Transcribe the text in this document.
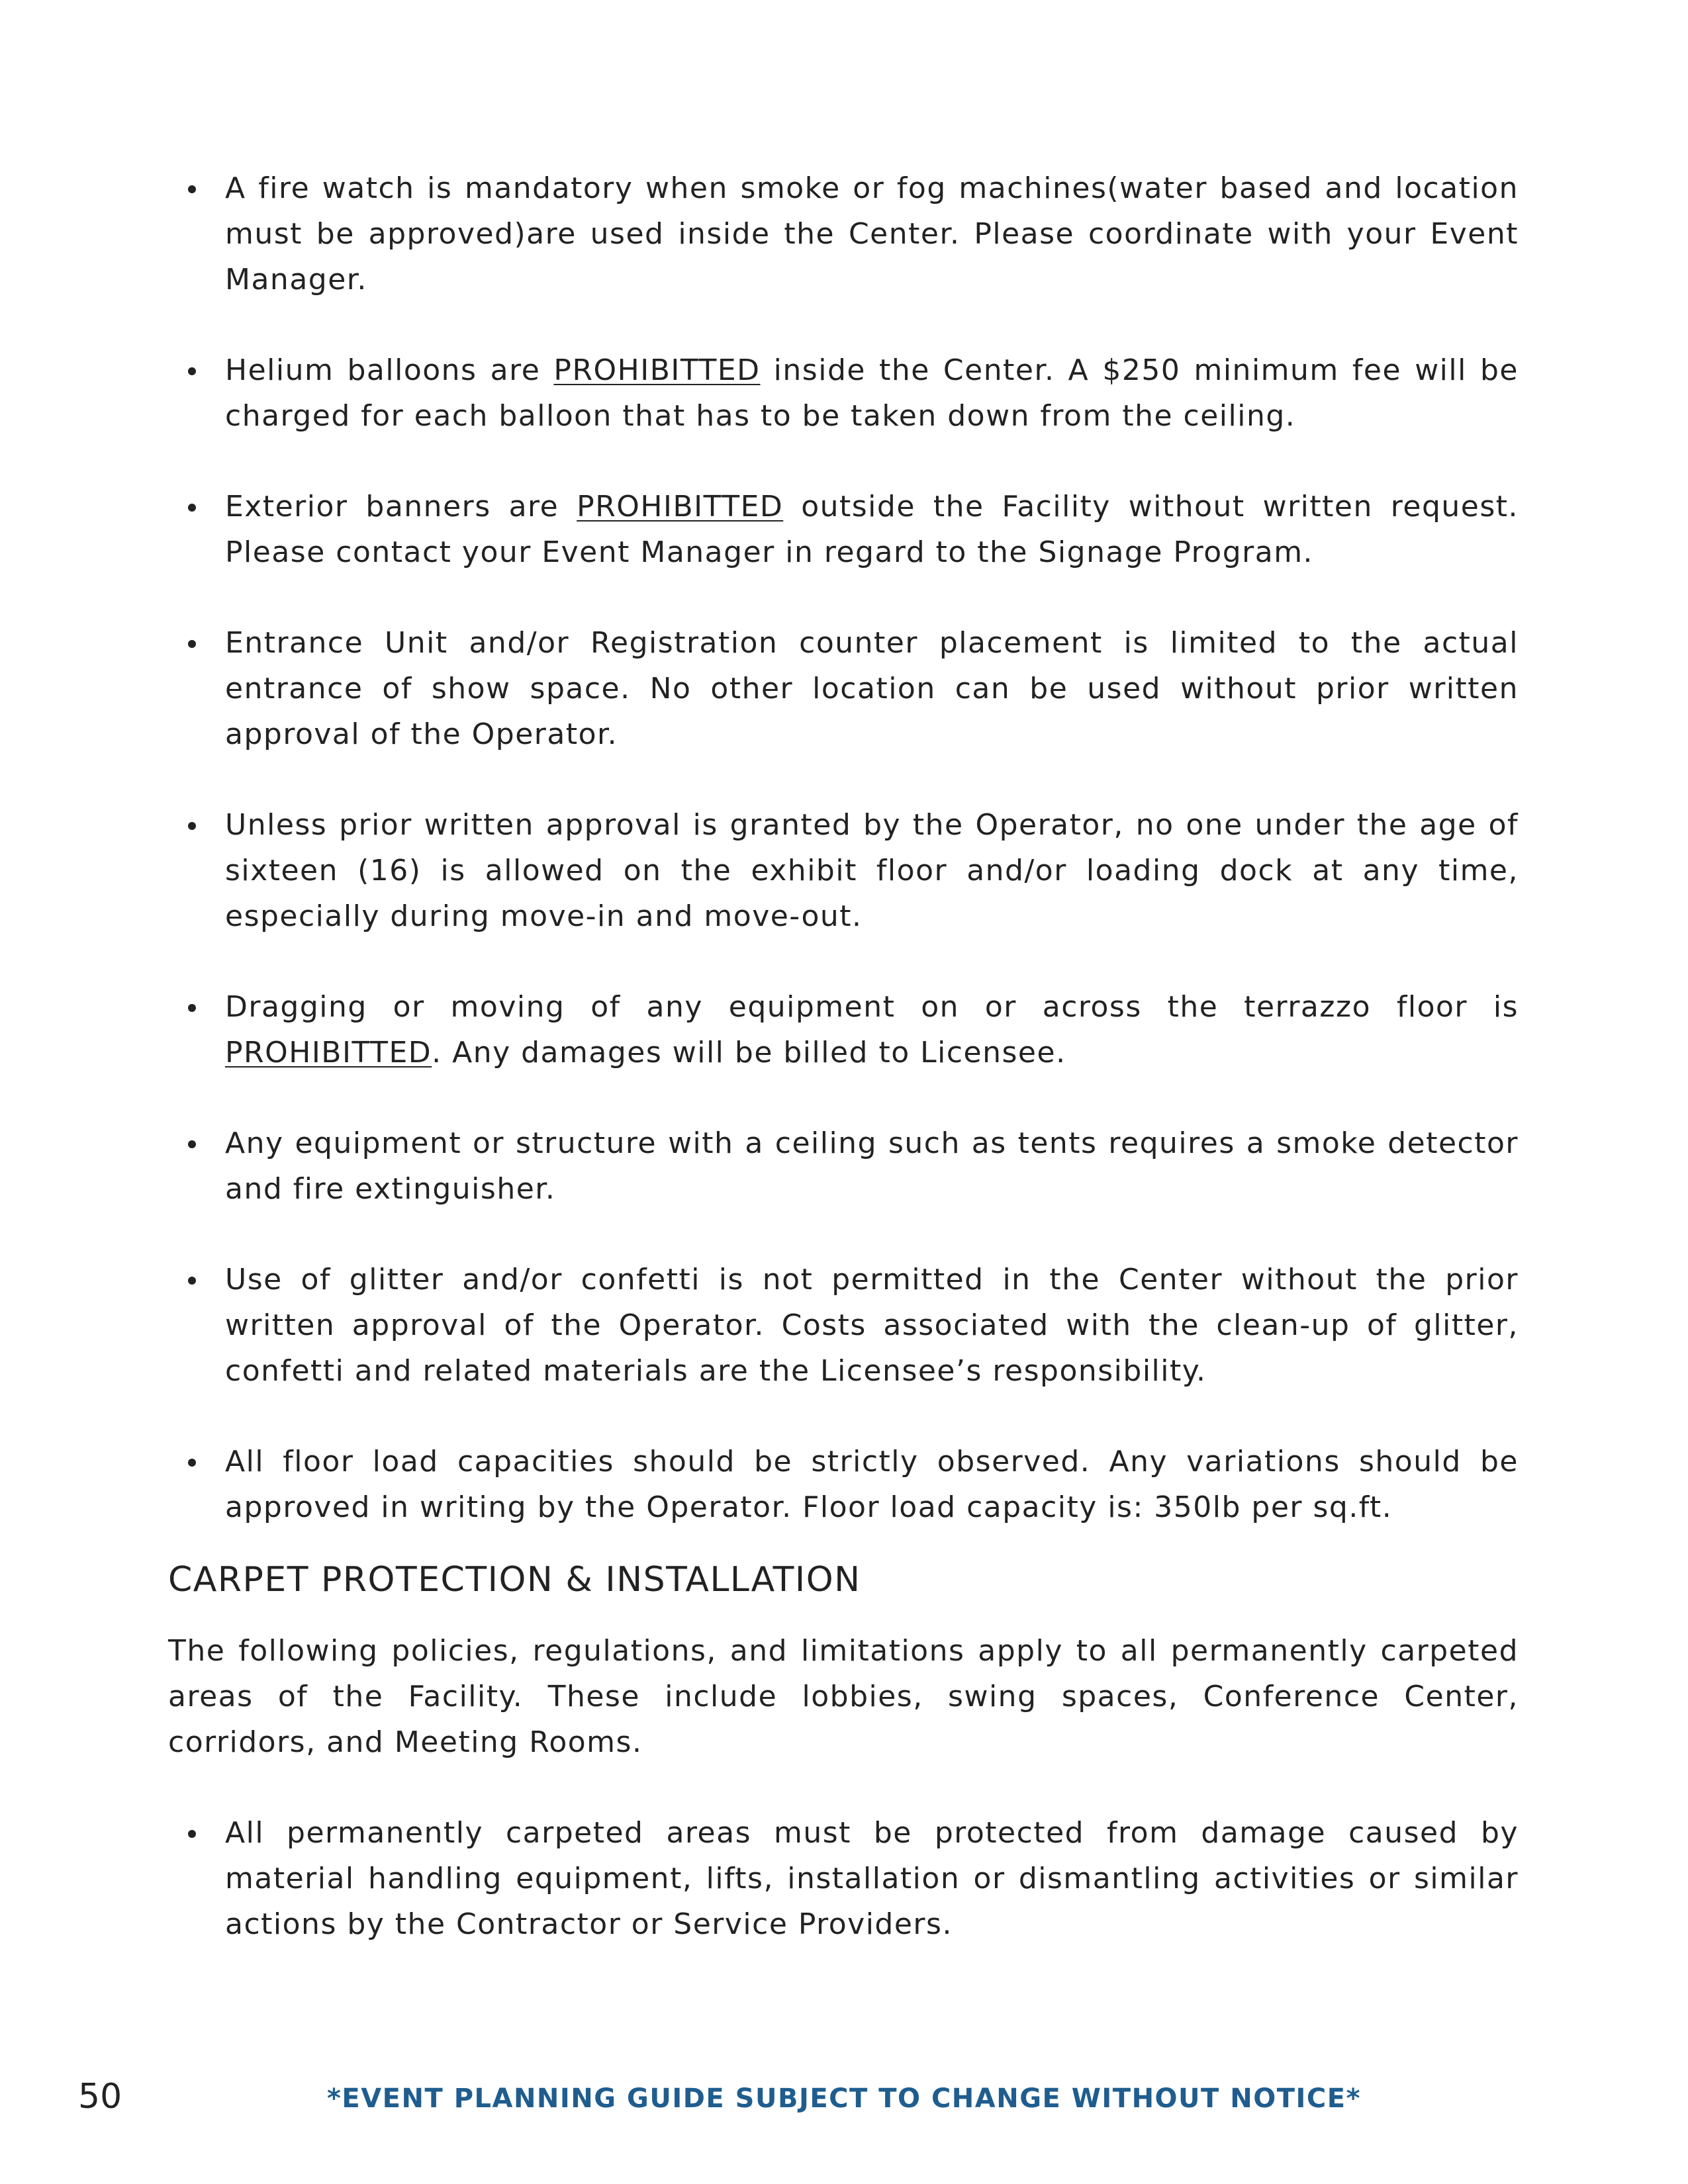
A fire watch is mandatory when smoke or fog machines(water based and location must be approved)are used inside the Center. Please coordinate with your Event Manager.
Helium balloons are PROHIBITTED inside the Center. A $250 minimum fee will be charged for each balloon that has to be taken down from the ceiling.
Exterior banners are PROHIBITTED outside the Facility without written request. Please contact your Event Manager in regard to the Signage Program.
Entrance Unit and/or Registration counter placement is limited to the actual entrance of show space. No other location can be used without prior written approval of the Operator.
Unless prior written approval is granted by the Operator, no one under the age of sixteen (16) is allowed on the exhibit floor and/or loading dock at any time, especially during move-in and move-out.
Dragging or moving of any equipment on or across the terrazzo floor is PROHIBITTED. Any damages will be billed to Licensee.
Any equipment or structure with a ceiling such as tents requires a smoke detector and fire extinguisher.
Use of glitter and/or confetti is not permitted in the Center without the prior written approval of the Operator. Costs associated with the clean-up of glitter, confetti and related materials are the Licensee’s responsibility.
All floor load capacities should be strictly observed. Any variations should be approved in writing by the Operator. Floor load capacity is: 350lb per sq.ft.
CARPET PROTECTION & INSTALLATION

The following policies, regulations, and limitations apply to all permanently carpeted areas of the Facility. These include lobbies, swing spaces, Conference Center, corridors, and Meeting Rooms.

All permanently carpeted areas must be protected from damage caused by material handling equipment, lifts, installation or dismantling activities or similar actions by the Contractor or Service Providers.
50	*EVENT PLANNING GUIDE SUBJECT TO CHANGE WITHOUT NOTICE*
